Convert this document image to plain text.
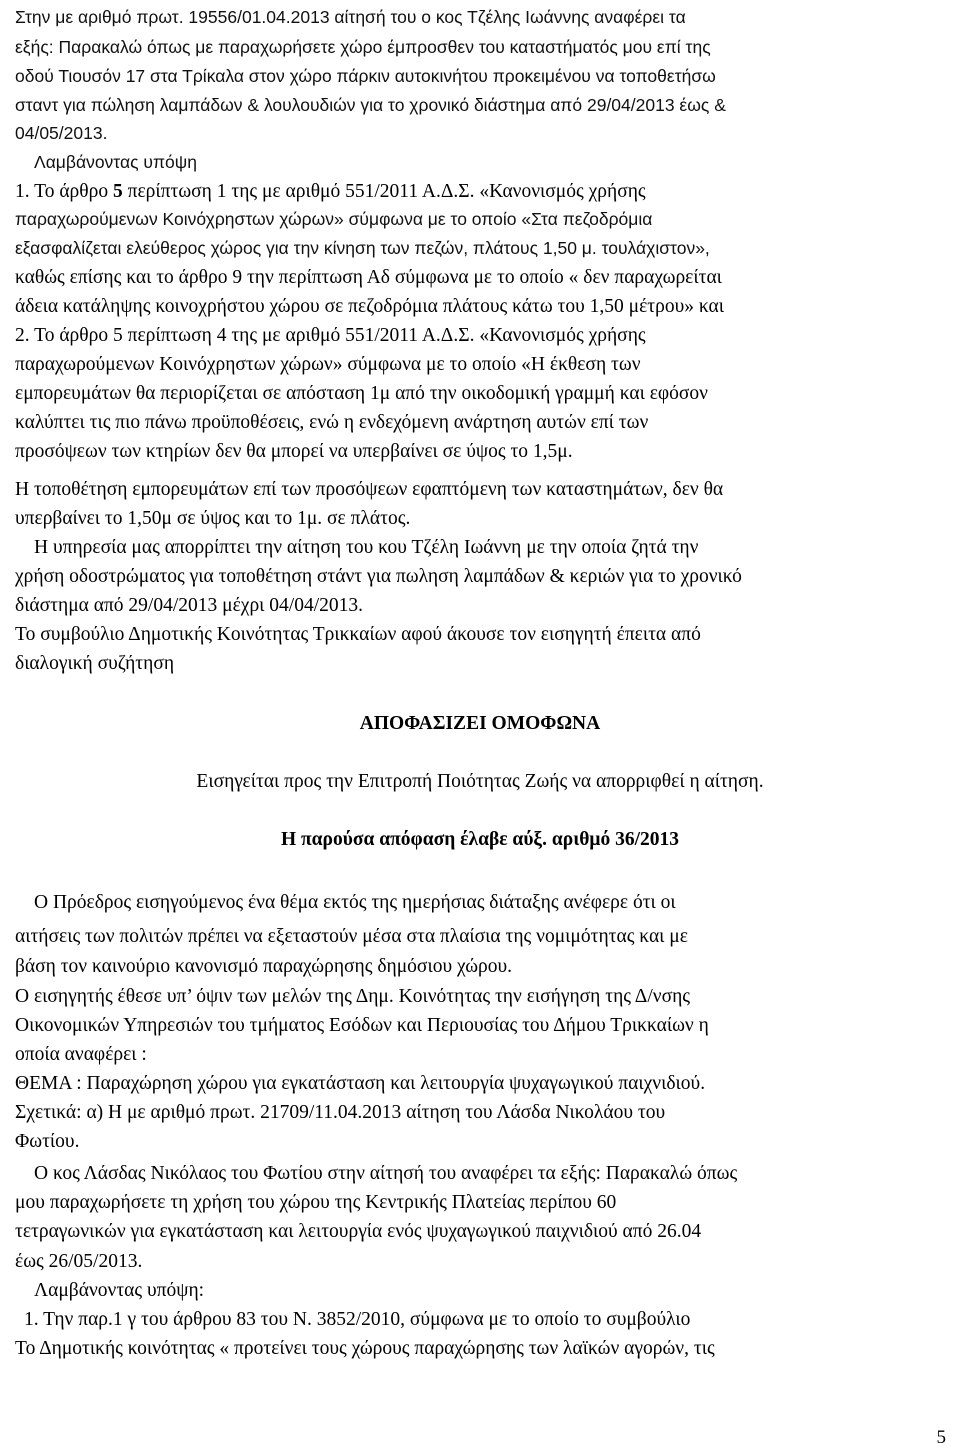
Στην με αριθμό πρωτ. 19556/01.04.2013 αίτησή του ο κος Τζέλης Ιωάννης αναφέρει τα
εξής: Παρακαλώ όπως με παραχωρήσετε χώρο έμπροσθεν του καταστήματός μου επί της
οδού Τιουσόν 17 στα Τρίκαλα στον χώρο πάρκιν αυτοκινήτου προκειμένου να τοποθετήσω
σταντ για πώληση λαμπάδων & λουλουδιών για το χρονικό διάστημα από 29/04/2013 έως &
04/05/2013.
Λαμβάνοντας υπόψη
1. Το άρθρο 5 περίπτωση 1 της με αριθμό 551/2011 Α.Δ.Σ. «Κανονισμός χρήσης
παραχωρούμενων Κοινόχρηστων χώρων» σύμφωνα με το οποίο «Στα πεζοδρόμια
εξασφαλίζεται ελεύθερος χώρος για την κίνηση των πεζών, πλάτους 1,50 μ. τουλάχιστον»,
καθώς επίσης και το άρθρο 9 την περίπτωση Αδ σύμφωνα με το οποίο « δεν παραχωρείται
άδεια κατάληψης κοινοχρήστου χώρου σε πεζοδρόμια πλάτους κάτω του 1,50 μέτρου» και
2. Το άρθρο 5 περίπτωση 4 της με αριθμό 551/2011 Α.Δ.Σ. «Κανονισμός χρήσης
παραχωρούμενων Κοινόχρηστων χώρων» σύμφωνα με το οποίο «Η έκθεση των
εμπορευμάτων θα περιορίζεται σε απόσταση 1μ από την οικοδομική γραμμή και εφόσον
καλύπτει τις πιο πάνω προϋποθέσεις, ενώ η ενδεχόμενη ανάρτηση αυτών επί των
προσόψεων των κτηρίων δεν θα μπορεί να υπερβαίνει σε ύψος το 1,5μ.
Η τοποθέτηση εμπορευμάτων επί των προσόψεων εφαπτόμενη των καταστημάτων, δεν θα
υπερβαίνει το 1,50μ σε ύψος και το 1μ. σε πλάτος.
Η υπηρεσία μας απορρίπτει την αίτηση του κου Τζέλη Ιωάννη με την οποία ζητά την
χρήση οδοστρώματος για τοποθέτηση στάντ για πωληση λαμπάδων & κεριών για το χρονικό
διάστημα από 29/04/2013 μέχρι 04/04/2013.
Το συμβούλιο Δημοτικής Κοινότητας Τρικκαίων αφού άκουσε τον εισηγητή έπειτα από
διαλογική συζήτηση
ΑΠΟΦΑΣΙΖΕΙ ΟΜΟΦΩΝΑ
Εισηγείται προς την Επιτροπή Ποιότητας Ζωής να απορριφθεί η αίτηση.
Η παρούσα απόφαση έλαβε αύξ. αριθμό 36/2013
Ο Πρόεδρος εισηγούμενος ένα θέμα εκτός της ημερήσιας διάταξης ανέφερε ότι οι
αιτήσεις των πολιτών πρέπει να εξεταστούν μέσα στα πλαίσια της νομιμότητας και με
βάση τον καινούριο κανονισμό παραχώρησης δημόσιου χώρου.
Ο εισηγητής έθεσε υπ’ όψιν των μελών της Δημ. Κοινότητας την εισήγηση της Δ/νσης
Οικονομικών Υπηρεσιών του τμήματος Εσόδων και Περιουσίας του Δήμου Τρικκαίων η
οποία αναφέρει :
ΘΕΜΑ : Παραχώρηση χώρου για εγκατάσταση και λειτουργία ψυχαγωγικού παιχνιδιού.
Σχετικά: α) Η με αριθμό πρωτ. 21709/11.04.2013 αίτηση του Λάσδα Νικολάου του
Φωτίου.
Ο κος Λάσδας Νικόλαος του Φωτίου στην αίτησή του αναφέρει τα εξής: Παρακαλώ όπως
μου παραχωρήσετε τη χρήση του χώρου της Κεντρικής Πλατείας περίπου 60
τετραγωνικών για εγκατάσταση και λειτουργία ενός ψυχαγωγικού παιχνιδιού από 26.04
έως 26/05/2013.
Λαμβάνοντας υπόψη:
1. Την παρ.1 γ του άρθρου 83 του Ν. 3852/2010, σύμφωνα με το οποίο το συμβούλιο
Το Δημοτικής κοινότητας « προτείνει τους χώρους παραχώρησης των λαϊκών αγορών, τις
5
